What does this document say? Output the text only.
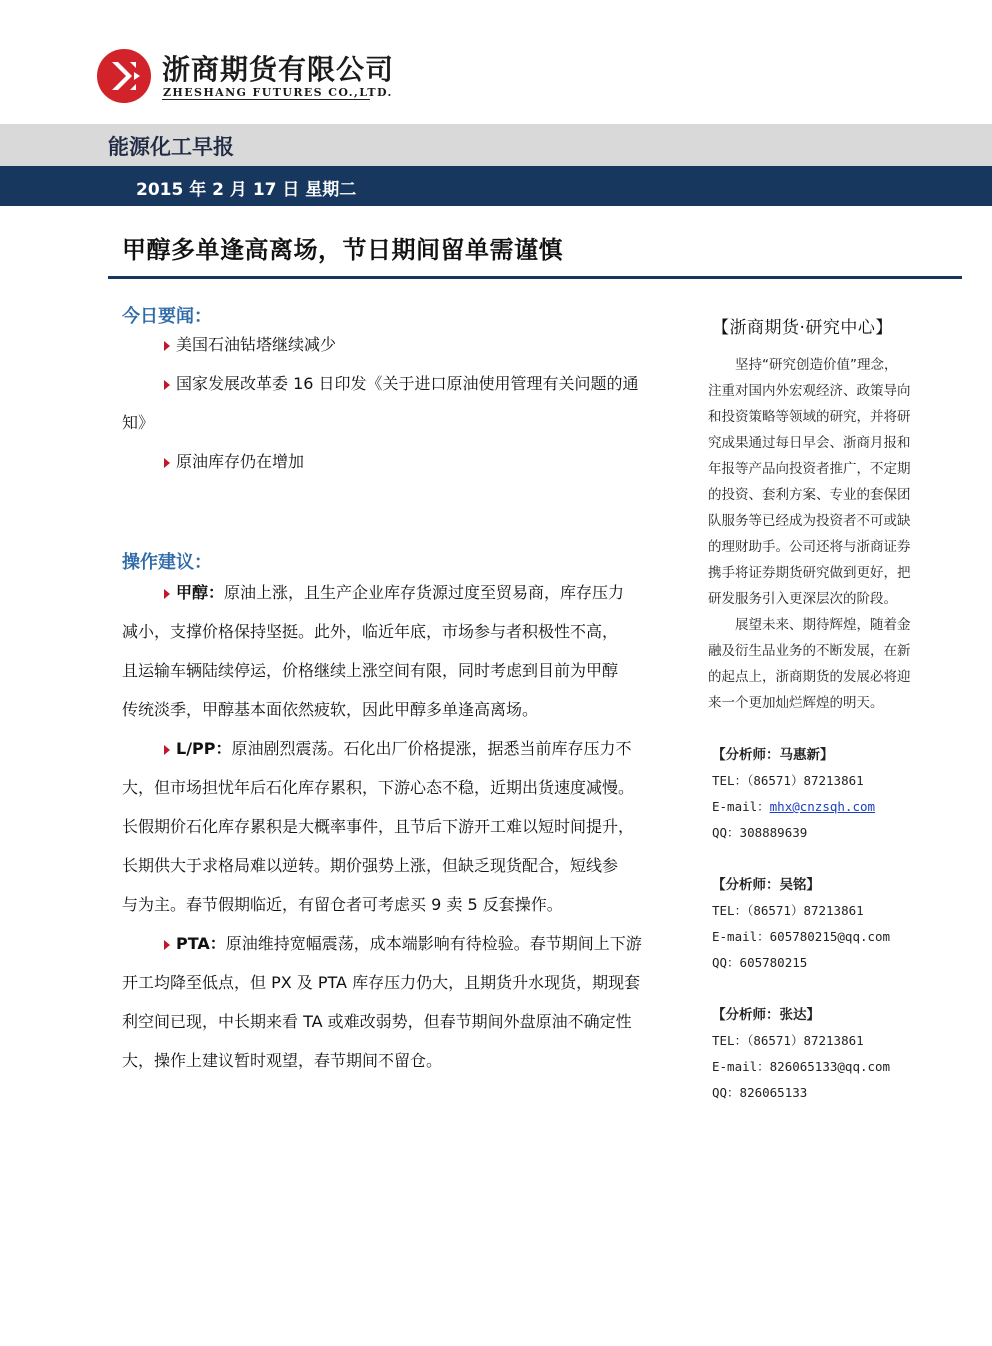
浙商期货有限公司
ZHESHANG FUTURES CO.,LTD.
能源化工早报
2015 年 2 月 17 日 星期二
甲醇多单逢高离场，节日期间留单需谨慎
今日要闻：
美国石油钻塔继续减少
国家发展改革委 16 日印发《关于进口原油使用管理有关问题的通
知》
原油库存仍在增加
操作建议：
甲醇：原油上涨，且生产企业库存货源过度至贸易商，库存压力
减小，支撑价格保持坚挺。此外，临近年底，市场参与者积极性不高，
且运输车辆陆续停运，价格继续上涨空间有限，同时考虑到目前为甲醇
传统淡季，甲醇基本面依然疲软，因此甲醇多单逢高离场。
L/PP：原油剧烈震荡。石化出厂价格提涨，据悉当前库存压力不
大，但市场担忧年后石化库存累积，下游心态不稳，近期出货速度减慢。
长假期价石化库存累积是大概率事件，且节后下游开工难以短时间提升，
长期供大于求格局难以逆转。期价强势上涨，但缺乏现货配合，短线参
与为主。春节假期临近，有留仓者可考虑买 9 卖 5 反套操作。
PTA：原油维持宽幅震荡，成本端影响有待检验。春节期间上下游
开工均降至低点，但 PX 及 PTA 库存压力仍大，且期货升水现货，期现套
利空间已现，中长期来看 TA 或难改弱势，但春节期间外盘原油不确定性
大，操作上建议暂时观望，春节期间不留仓。
【浙商期货·研究中心】
　　坚持“研究创造价值”理念，
注重对国内外宏观经济、政策导向
和投资策略等领域的研究，并将研
究成果通过每日早会、浙商月报和
年报等产品向投资者推广，不定期
的投资、套利方案、专业的套保团
队服务等已经成为投资者不可或缺
的理财助手。公司还将与浙商证券
携手将证券期货研究做到更好，把
研发服务引入更深层次的阶段。
　　展望未来、期待辉煌，随着金
融及衍生品业务的不断发展，在新
的起点上，浙商期货的发展必将迎
来一个更加灿烂辉煌的明天。
【分析师：马惠新】
TEL：（86571）87213861
E-mail：mhx@cnzsqh.com
QQ：308889639
【分析师：吴铭】
TEL：（86571）87213861
E-mail：605780215@qq.com
QQ：605780215
【分析师：张达】
TEL：（86571）87213861
E-mail：826065133@qq.com
QQ：826065133
